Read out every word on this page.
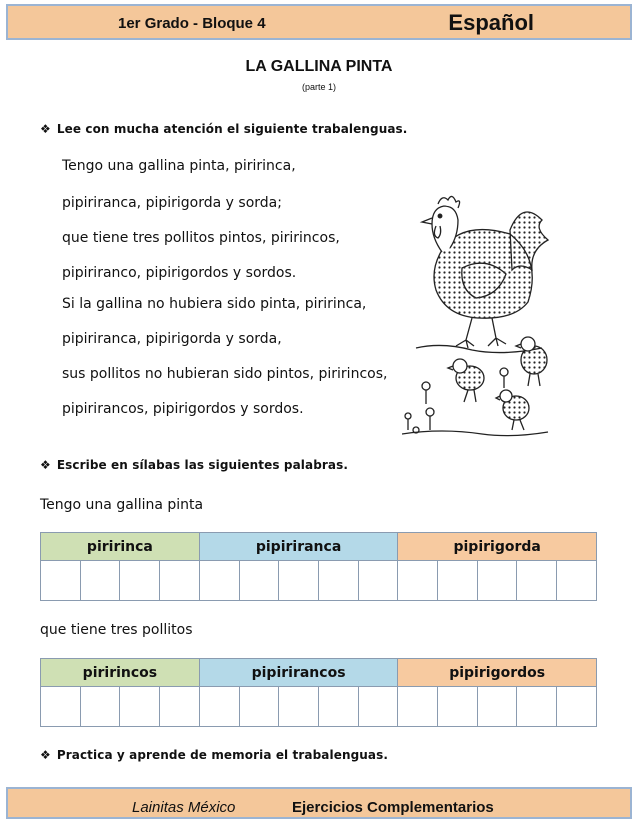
1er Grado - Bloque 4	Español
LA GALLINA PINTA
(parte 1)
❖ Lee con mucha atención el siguiente trabalenguas.
Tengo una gallina pinta, piririnca,
pipiriranca, pipirigorda y sorda;
que tiene tres pollitos pintos, piririncos,
pipiriranco, pipirigordos y sordos.
Si la gallina no hubiera sido pinta, piririnca,
pipiriranca, pipirigorda y sorda,
sus pollitos no hubieran sido pintos, piririncos,
pipirirancos, pipirigordos y sordos.
❖ Escribe en sílabas las siguientes palabras.
Tengo una gallina pinta
piririnca				pipiriranca					pipirigorda				

que tiene tres pollitos
piririncos				pipirirancos					pipirigordos				

❖ Practica y aprende de memoria el trabalenguas.
Lainitas México	Ejercicios Complementarios
